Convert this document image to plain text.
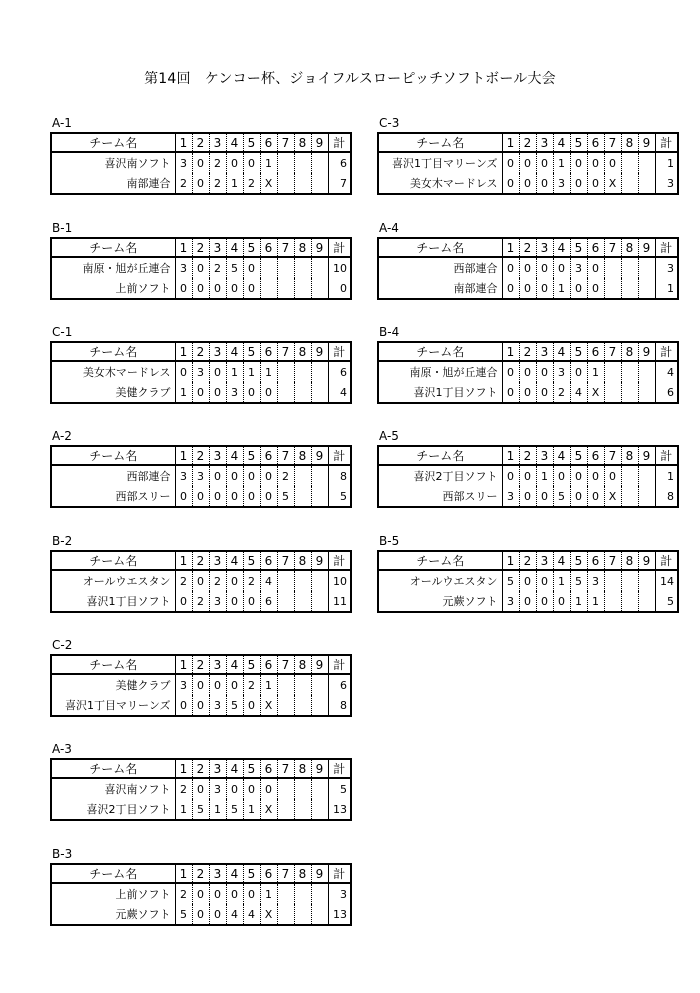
第14回　ケンコー杯、ジョイフルスローピッチソフトボール大会
A-1
チーム名	1	2	3	4	5	6	7	8	9	計
喜沢南ソフト	3	0	2	0	0	1				6
南部連合	2	0	2	1	2	X				7
B-1
チーム名	1	2	3	4	5	6	7	8	9	計
南原・旭が丘連合	3	0	2	5	0					10
上前ソフト	0	0	0	0	0					0
C-1
チーム名	1	2	3	4	5	6	7	8	9	計
美女木マードレス	0	3	0	1	1	1				6
美健クラブ	1	0	0	3	0	0				4
A-2
チーム名	1	2	3	4	5	6	7	8	9	計
西部連合	3	3	0	0	0	0	2			8
西部スリー	0	0	0	0	0	0	5			5
B-2
チーム名	1	2	3	4	5	6	7	8	9	計
オールウエスタン	2	0	2	0	2	4				10
喜沢1丁目ソフト	0	2	3	0	0	6				11
C-2
チーム名	1	2	3	4	5	6	7	8	9	計
美健クラブ	3	0	0	0	2	1				6
喜沢1丁目マリーンズ	0	0	3	5	0	X				8
A-3
チーム名	1	2	3	4	5	6	7	8	9	計
喜沢南ソフト	2	0	3	0	0	0				5
喜沢2丁目ソフト	1	5	1	5	1	X				13
B-3
チーム名	1	2	3	4	5	6	7	8	9	計
上前ソフト	2	0	0	0	0	1				3
元蕨ソフト	5	0	0	4	4	X				13
C-3
チーム名	1	2	3	4	5	6	7	8	9	計
喜沢1丁目マリーンズ	0	0	0	1	0	0	0			1
美女木マードレス	0	0	0	3	0	0	X			3
A-4
チーム名	1	2	3	4	5	6	7	8	9	計
西部連合	0	0	0	0	3	0				3
南部連合	0	0	0	1	0	0				1
B-4
チーム名	1	2	3	4	5	6	7	8	9	計
南原・旭が丘連合	0	0	0	3	0	1				4
喜沢1丁目ソフト	0	0	0	2	4	X				6
A-5
チーム名	1	2	3	4	5	6	7	8	9	計
喜沢2丁目ソフト	0	0	1	0	0	0	0			1
西部スリー	3	0	0	5	0	0	X			8
B-5
チーム名	1	2	3	4	5	6	7	8	9	計
オールウエスタン	5	0	0	1	5	3				14
元蕨ソフト	3	0	0	0	1	1				5
